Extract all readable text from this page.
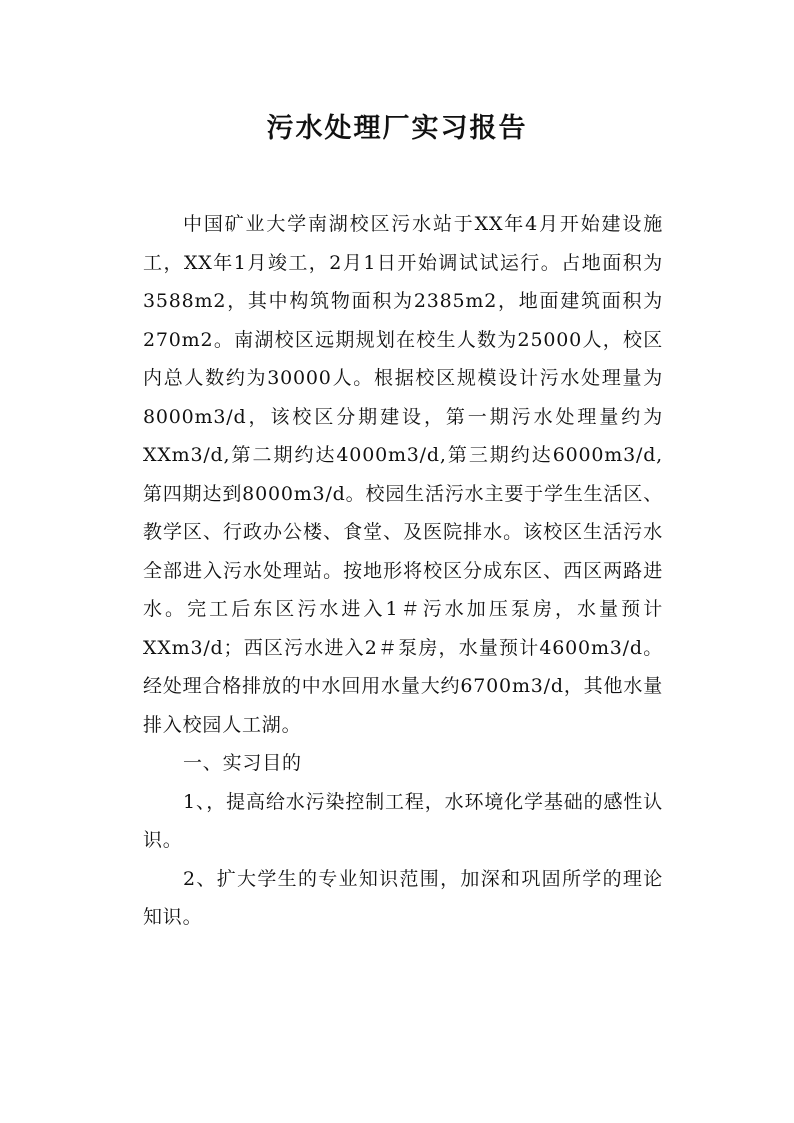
污水处理厂实习报告

中国矿业大学南湖校区污水站于XX年4月开始建设施工，XX年1月竣工，2月1日开始调试试运行。占地面积为3588m2，其中构筑物面积为2385m2，地面建筑面积为270m2。南湖校区远期规划在校生人数为25000人，校区内总人数约为30000人。根据校区规模设计污水处理量为8000m3/d，该校区分期建设，第一期污水处理量约为XXm3/d,第二期约达4000m3/d,第三期约达6000m3/d,第四期达到8000m3/d。校园生活污水主要于学生生活区、教学区、行政办公楼、食堂、及医院排水。该校区生活污水全部进入污水处理站。按地形将校区分成东区、西区两路进水。完工后东区污水进入1＃污水加压泵房，水量预计XXm3/d；西区污水进入2＃泵房，水量预计4600m3/d。经处理合格排放的中水回用水量大约6700m3/d，其他水量排入校园人工湖。

一、实习目的

1、，提高给水污染控制工程，水环境化学基础的感性认识。

2、扩大学生的专业知识范围，加深和巩固所学的理论知识。
